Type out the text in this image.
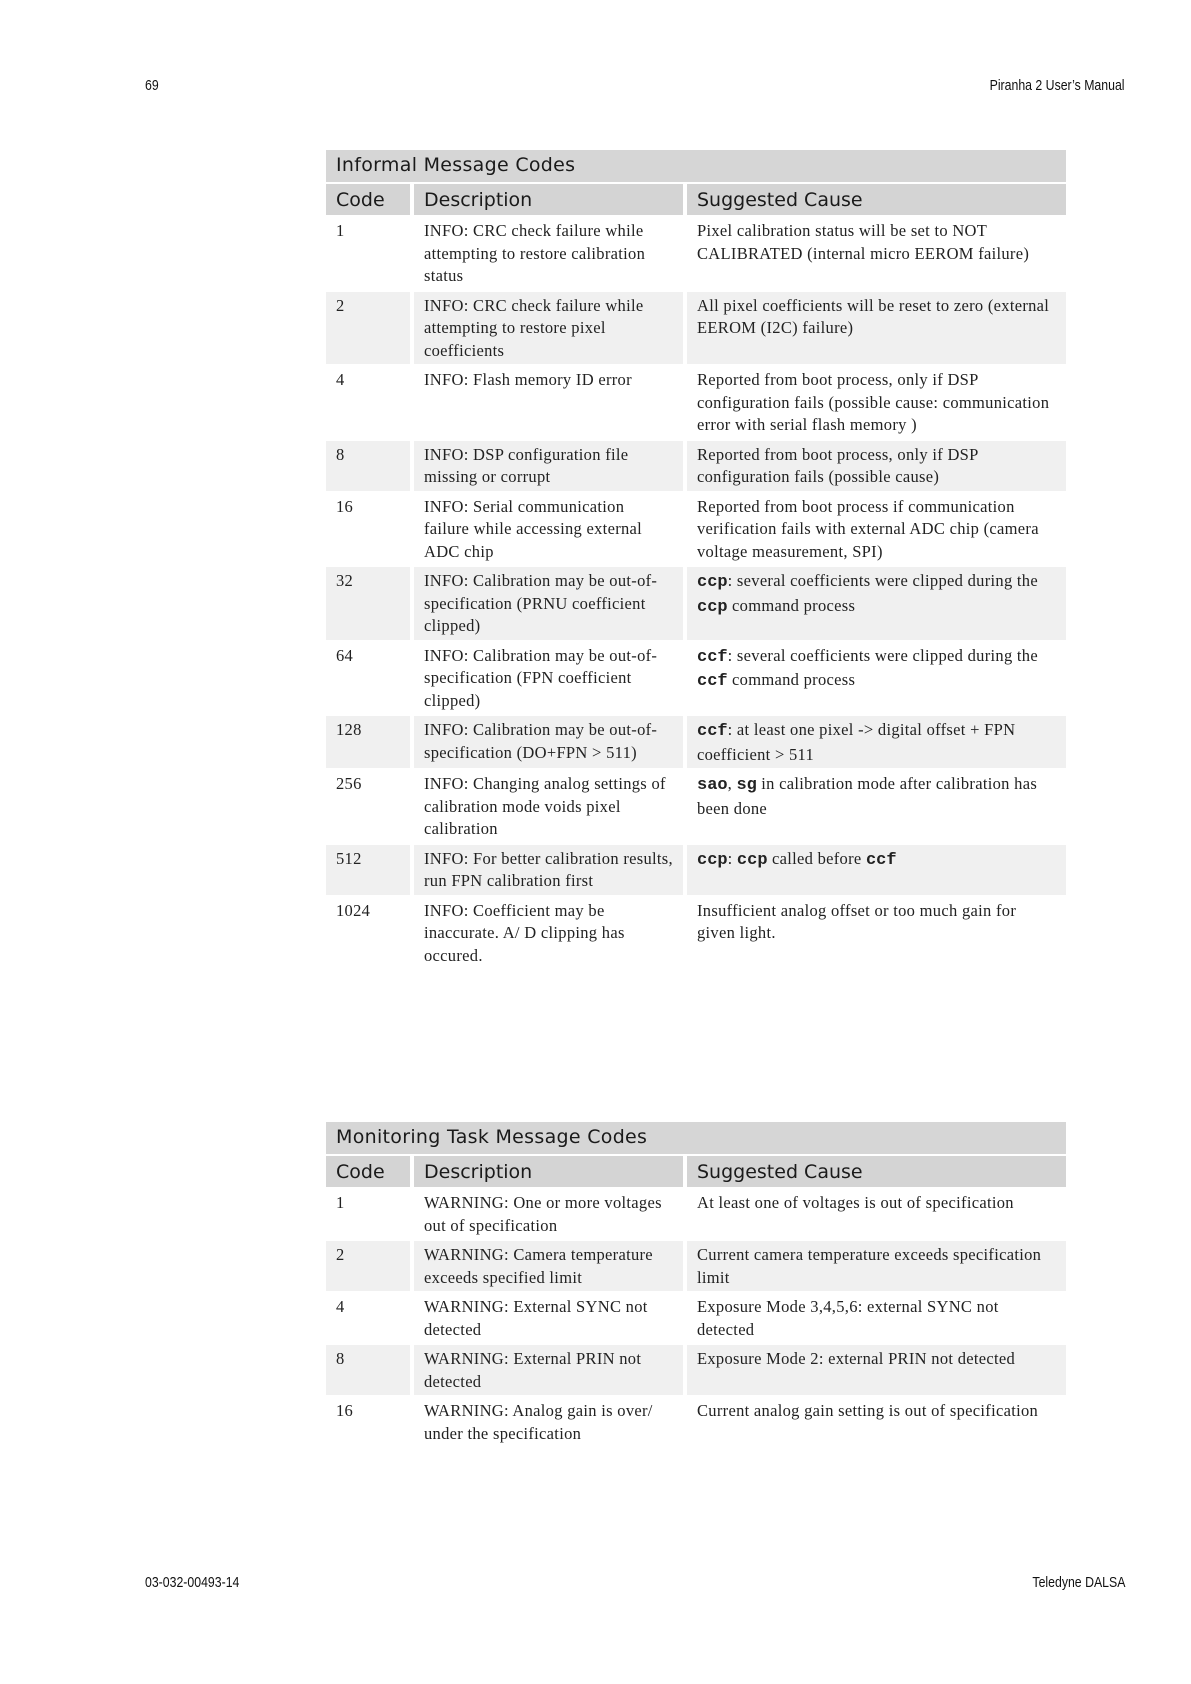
69	Piranha 2 User’s Manual
Informal Message Codes		
Code	Description	Suggested Cause
1	INFO: CRC check failure while attempting to restore calibration status	Pixel calibration status will be set to NOT CALIBRATED (internal micro EEROM failure)
2	INFO: CRC check failure while attempting to restore pixel coefficients	All pixel coefficients will be reset to zero (external EEROM (I2C) failure)
4	INFO: Flash memory ID error	Reported from boot process, only if DSP configuration fails (possible cause: communication error with serial flash memory )
8	INFO: DSP configuration file missing or corrupt	Reported from boot process, only if DSP configuration fails (possible cause)
16	INFO: Serial communication failure while accessing external ADC chip	Reported from boot process if communication verification fails with external ADC chip (camera voltage measurement, SPI)
32	INFO: Calibration may be out-of-specification (PRNU coefficient clipped)	ccp: several coefficients were clipped during the ccp command process
64	INFO: Calibration may be out-of-specification (FPN coefficient clipped)	ccf: several coefficients were clipped during the ccf command process
128	INFO: Calibration may be out-of-specification (DO+FPN > 511)	ccf: at least one pixel -> digital offset + FPN coefficient > 511
256	INFO: Changing analog settings of calibration mode voids pixel calibration	sao, sg in calibration mode after calibration has been done
512	INFO: For better calibration results, run FPN calibration first	ccp: ccp called before ccf
1024	INFO: Coefficient may be inaccurate. A/ D clipping has occured.	Insufficient analog offset or too much gain for given light.
Monitoring Task Message Codes		
Code	Description	Suggested Cause
1	WARNING: One or more voltages out of specification	At least one of voltages is out of specification
2	WARNING: Camera temperature exceeds specified limit	Current camera temperature exceeds specification limit
4	WARNING: External SYNC not detected	Exposure Mode 3,4,5,6: external SYNC not detected
8	WARNING: External PRIN not detected	Exposure Mode 2: external PRIN not detected
16	WARNING: Analog gain is over/ under the specification	Current analog gain setting is out of specification
03-032-00493-14	Teledyne DALSA
